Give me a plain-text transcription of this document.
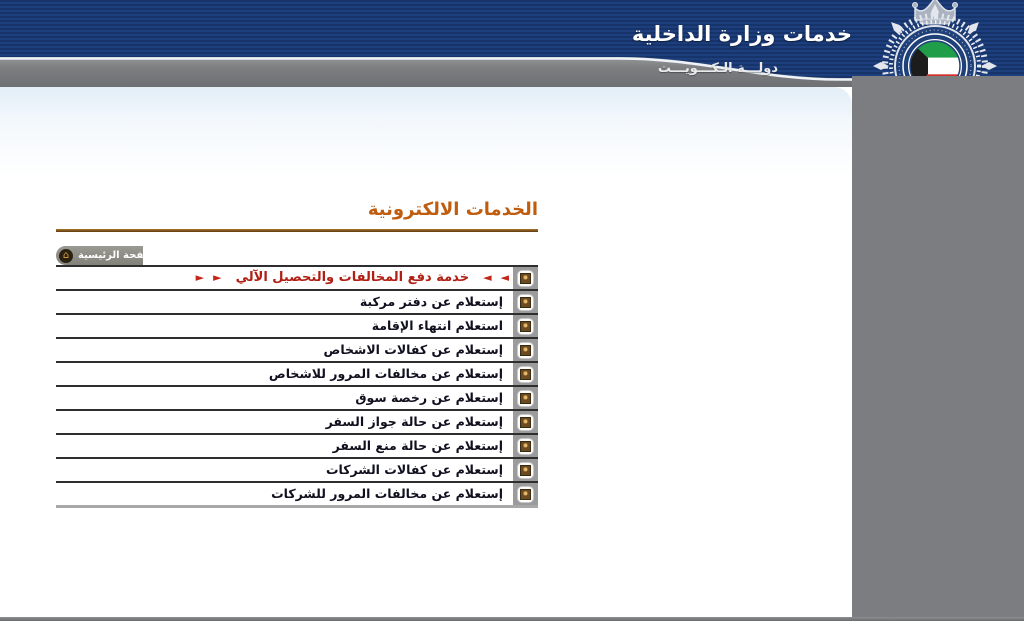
خدمات وزارة الداخلية
دولـــة الـكـــويـــت
الخدمات الالكترونية
⌂ الصفحة الرئيسية
► ► خدمة دفع المخالفات والتحصيل الآلي ◄ ◄
إستعلام عن دفتر مركبة
استعلام انتهاء الإقامة
إستعلام عن كفالات الاشخاص
إستعلام عن مخالفات المرور للاشخاص
إستعلام عن رخصة سوق
إستعلام عن حالة جواز السفر
إستعلام عن حالة منع السفر
إستعلام عن كفالات الشركات
إستعلام عن مخالفات المرور للشركات
